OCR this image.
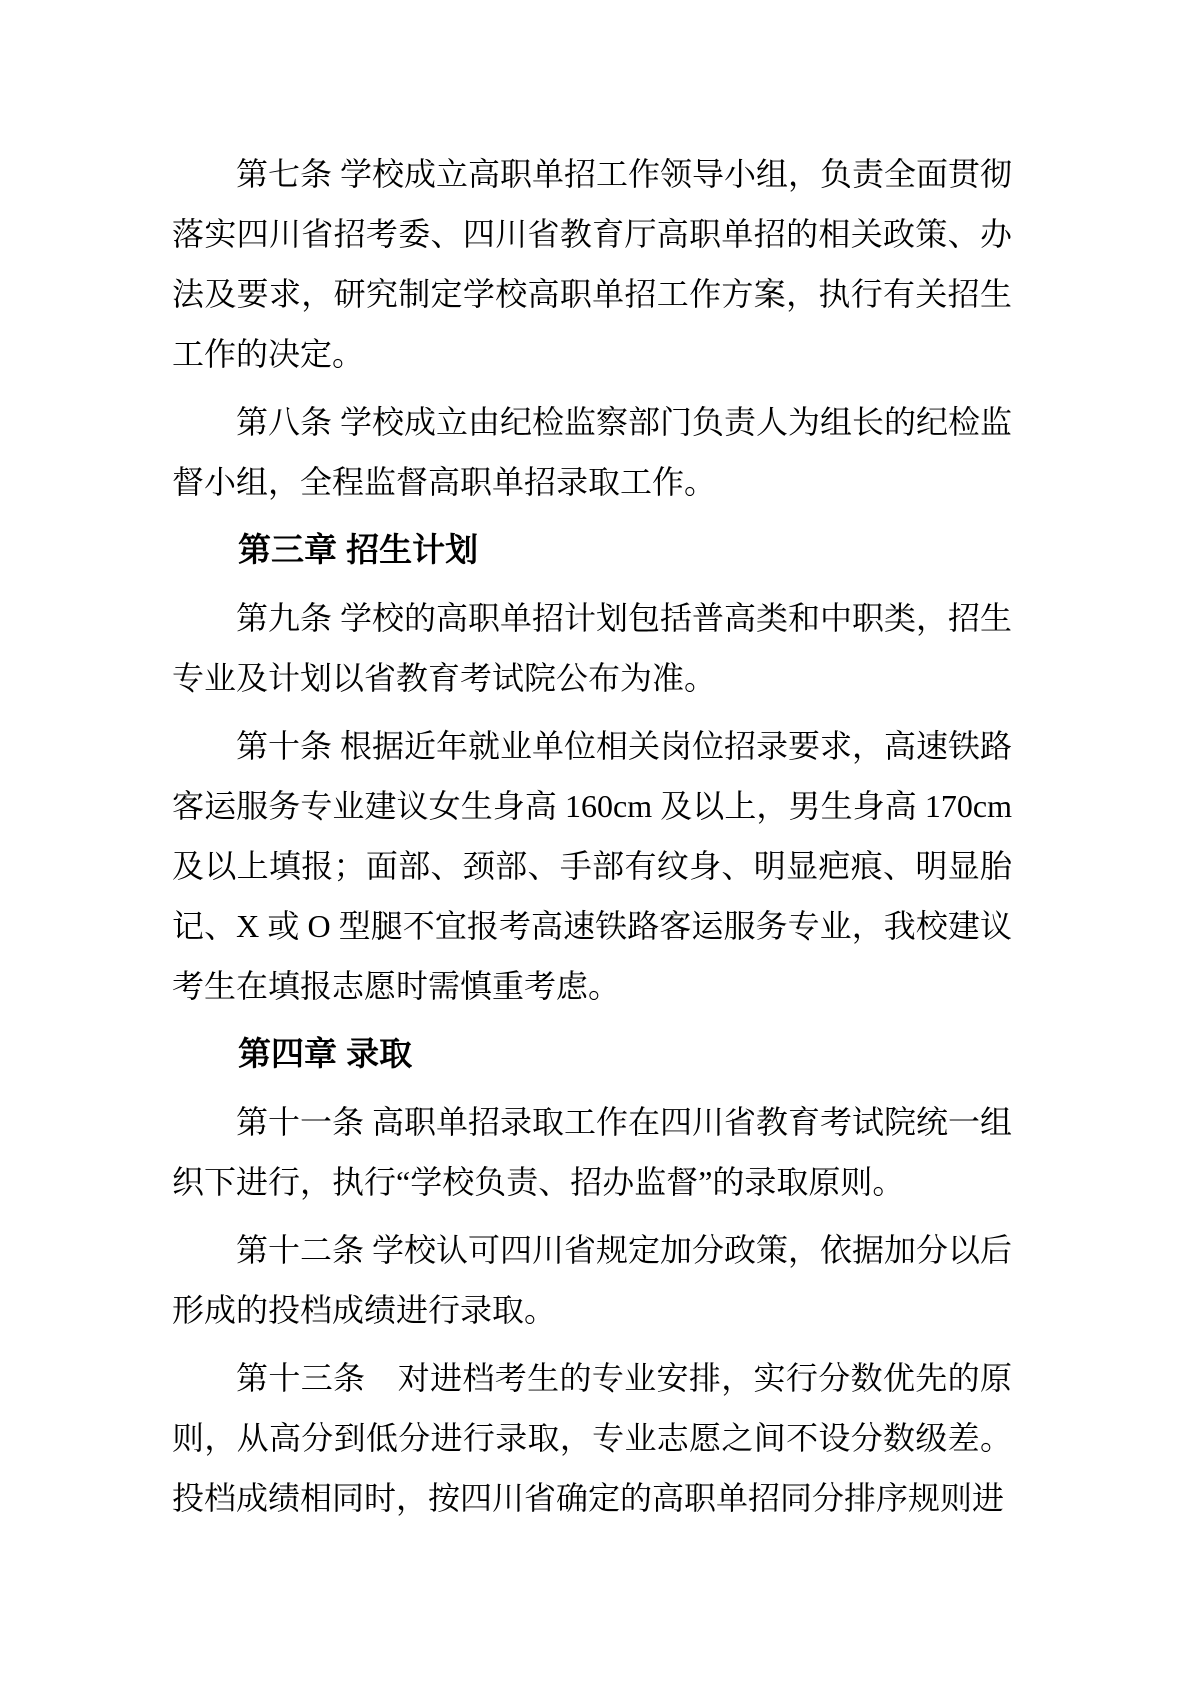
第七条 学校成立高职单招工作领导小组，负责全面贯彻落实四川省招考委、四川省教育厅高职单招的相关政策、办法及要求，研究制定学校高职单招工作方案，执行有关招生工作的决定。

第八条 学校成立由纪检监察部门负责人为组长的纪检监督小组，全程监督高职单招录取工作。

第三章 招生计划

第九条 学校的高职单招计划包括普高类和中职类，招生专业及计划以省教育考试院公布为准。

第十条 根据近年就业单位相关岗位招录要求，高速铁路客运服务专业建议女生身高 160cm 及以上，男生身高 170cm 及以上填报；面部、颈部、手部有纹身、明显疤痕、明显胎记、X 或 O 型腿不宜报考高速铁路客运服务专业，我校建议考生在填报志愿时需慎重考虑。

第四章 录取

第十一条 高职单招录取工作在四川省教育考试院统一组织下进行，执行“学校负责、招办监督”的录取原则。

第十二条 学校认可四川省规定加分政策，依据加分以后形成的投档成绩进行录取。

第十三条　对进档考生的专业安排，实行分数优先的原则，从高分到低分进行录取，专业志愿之间不设分数级差。投档成绩相同时，按四川省确定的高职单招同分排序规则进
